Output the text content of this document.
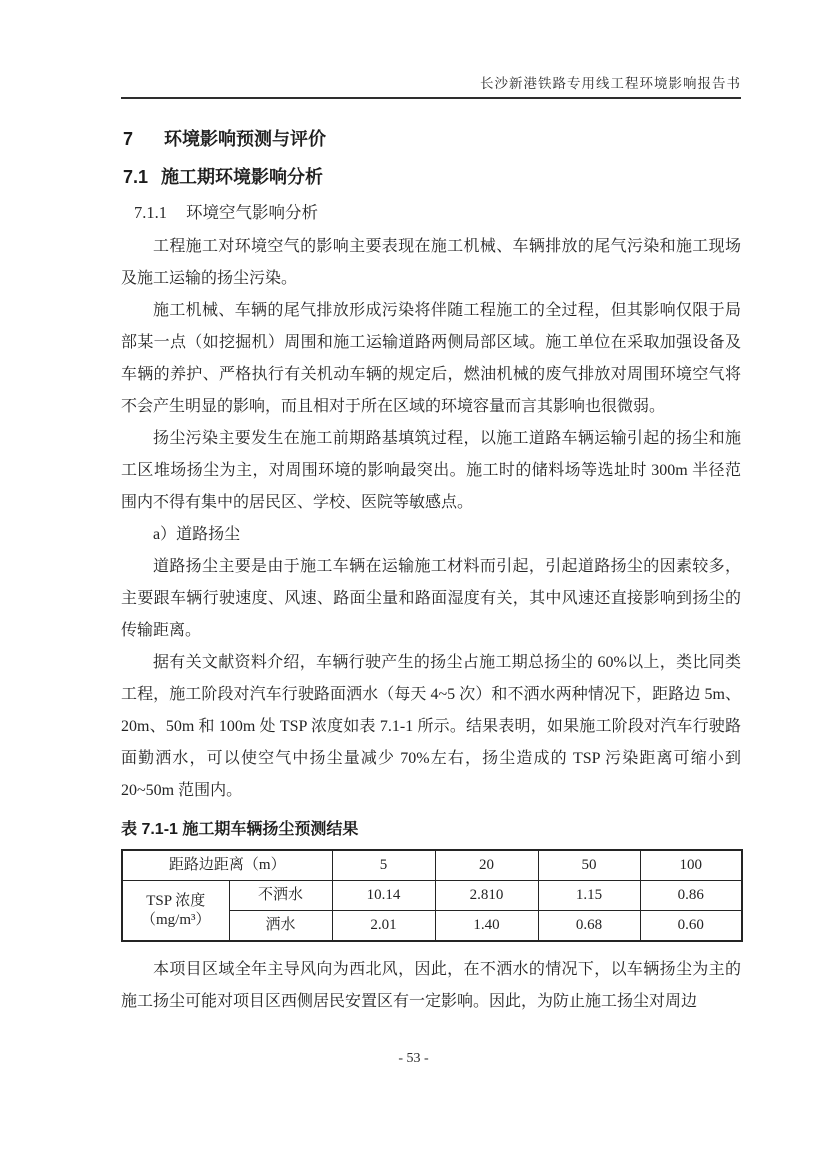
长沙新港铁路专用线工程环境影响报告书
7 环境影响预测与评价
7.1 施工期环境影响分析
7.1.1 环境空气影响分析

工程施工对环境空气的影响主要表现在施工机械、车辆排放的尾气污染和施工现场及施工运输的扬尘污染。

施工机械、车辆的尾气排放形成污染将伴随工程施工的全过程，但其影响仅限于局部某一点（如挖掘机）周围和施工运输道路两侧局部区域。施工单位在采取加强设备及车辆的养护、严格执行有关机动车辆的规定后，燃油机械的废气排放对周围环境空气将不会产生明显的影响，而且相对于所在区域的环境容量而言其影响也很微弱。

扬尘污染主要发生在施工前期路基填筑过程，以施工道路车辆运输引起的扬尘和施工区堆场扬尘为主，对周围环境的影响最突出。施工时的储料场等选址时 300m 半径范围内不得有集中的居民区、学校、医院等敏感点。

a）道路扬尘

道路扬尘主要是由于施工车辆在运输施工材料而引起，引起道路扬尘的因素较多，主要跟车辆行驶速度、风速、路面尘量和路面湿度有关，其中风速还直接影响到扬尘的传输距离。

据有关文献资料介绍，车辆行驶产生的扬尘占施工期总扬尘的 60%以上，类比同类工程，施工阶段对汽车行驶路面洒水（每天 4~5 次）和不洒水两种情况下，距路边 5m、20m、50m 和 100m 处 TSP 浓度如表 7.1-1 所示。结果表明，如果施工阶段对汽车行驶路面勤洒水，可以使空气中扬尘量减少 70%左右，扬尘造成的 TSP 污染距离可缩小到 20~50m 范围内。

表 7.1-1 施工期车辆扬尘预测结果

距路边距离（m）		5	20	50	100

TSP 浓度
（mg/m³）	不洒水	10.14	2.810	1.15	0.86
	洒水	2.01	1.40	0.68	0.60

本项目区域全年主导风向为西北风，因此，在不洒水的情况下，以车辆扬尘为主的施工扬尘可能对项目区西侧居民安置区有一定影响。因此，为防止施工扬尘对周边

- 53 -
